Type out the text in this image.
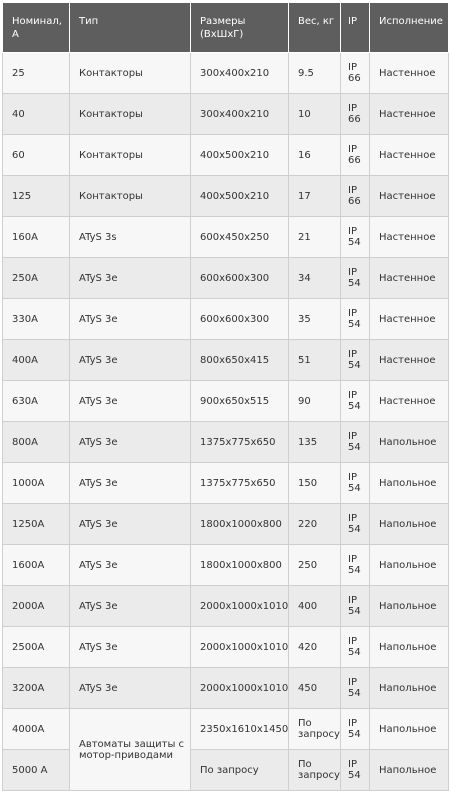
Номинал, А	Тип	Размеры (ВхШхГ)	Вес, кг	IP	Исполнение
25	Контакторы	300х400х210	9.5	IP 66	Настенное
40	Контакторы	300х400х210	10	IP 66	Настенное
60	Контакторы	400х500х210	16	IP 66	Настенное
125	Контакторы	400х500х210	17	IP 66	Настенное
160А	ATyS 3s	600х450х250	21	IP 54	Настенное
250А	ATyS 3e	600х600х300	34	IP 54	Настенное
330А	ATyS 3e	600х600х300	35	IP 54	Настенное
400А	ATyS 3e	800х650х415	51	IP 54	Настенное
630А	ATyS 3e	900х650х515	90	IP 54	Настенное
800А	ATyS 3e	1375х775х650	135	IP 54	Напольное
1000А	ATyS 3e	1375х775х650	150	IP 54	Напольное
1250А	ATyS 3e	1800х1000х800	220	IP 54	Напольное
1600А	ATyS 3e	1800х1000х800	250	IP 54	Напольное
2000А	ATyS 3e	2000х1000х1010	400	IP 54	Напольное
2500А	ATyS 3e	2000х1000х1010	420	IP 54	Напольное
3200А	ATyS 3e	2000х1000х1010	450	IP 54	Напольное
4000А	Автоматы защиты с мотор-приводами	2350х1610х1450	По запросу	IP 54	Напольное
5000 А		По запросу	По запросу	IP 54	Напольное
